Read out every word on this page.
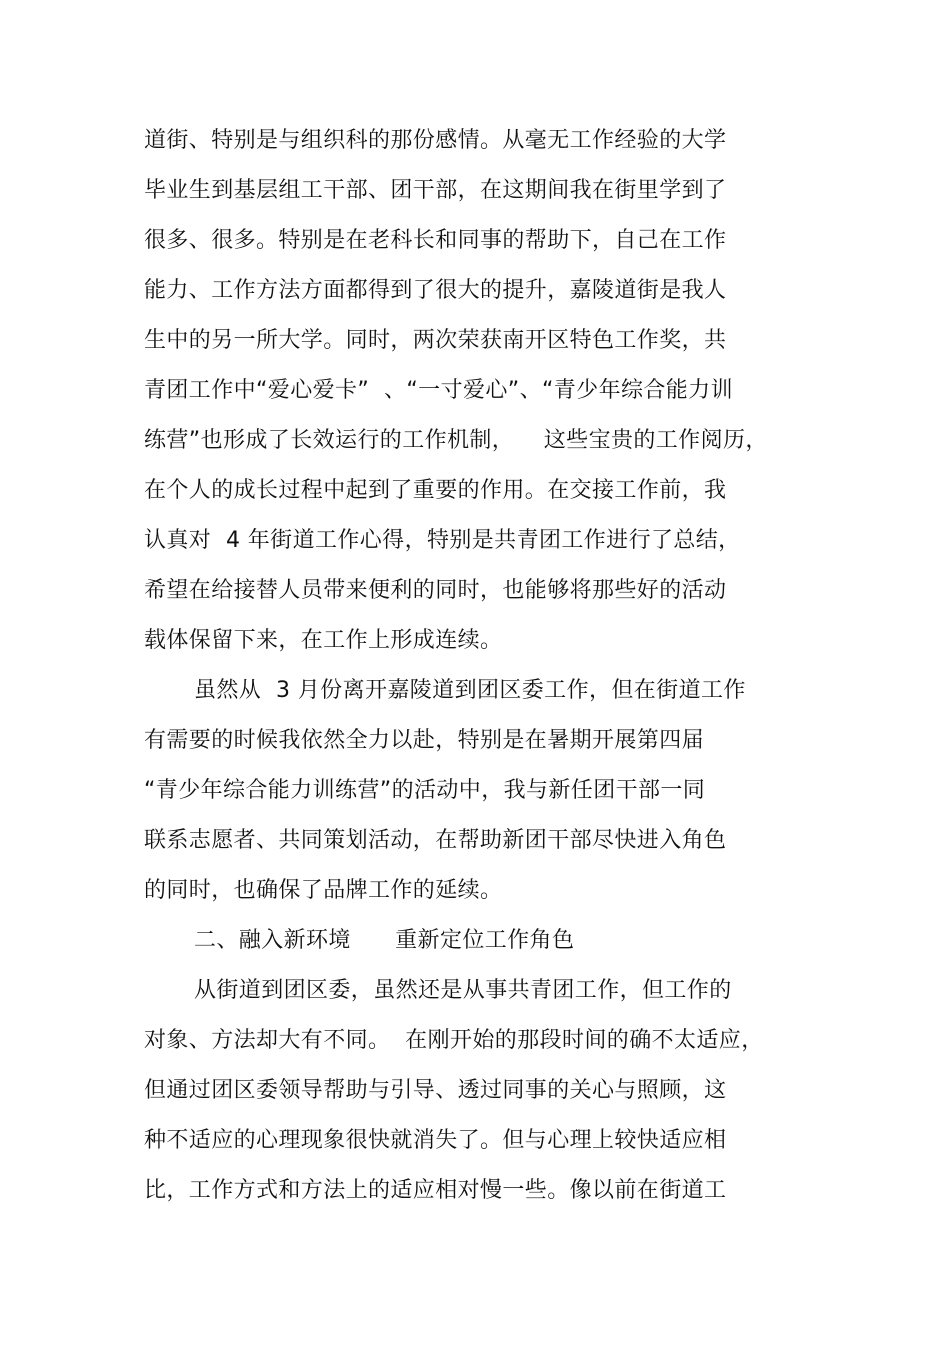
道街、特别是与组织科的那份感情。从毫无工作经验的大学
毕业生到基层组工干部、团干部，在这期间我在街里学到了
很多、很多。特别是在老科长和同事的帮助下，自己在工作
能力、工作方法方面都得到了很大的提升，嘉陵道街是我人
生中的另一所大学。同时，两次荣获南开区特色工作奖，共
青团工作中“爱心爱卡”  、“一寸爱心”、“青少年综合能力训
练营”也形成了长效运行的工作机制，    这些宝贵的工作阅历，
在个人的成长过程中起到了重要的作用。在交接工作前，我
认真对  4 年街道工作心得，特别是共青团工作进行了总结，
希望在给接替人员带来便利的同时，也能够将那些好的活动
载体保留下来，在工作上形成连续。
虽然从  3 月份离开嘉陵道到团区委工作，但在街道工作
有需要的时候我依然全力以赴，特别是在暑期开展第四届
“青少年综合能力训练营”的活动中，我与新任团干部一同
联系志愿者、共同策划活动，在帮助新团干部尽快进入角色
的同时，也确保了品牌工作的延续。
二、融入新环境      重新定位工作角色
从街道到团区委，虽然还是从事共青团工作，但工作的
对象、方法却大有不同。  在刚开始的那段时间的确不太适应，
但通过团区委领导帮助与引导、透过同事的关心与照顾，这
种不适应的心理现象很快就消失了。但与心理上较快适应相
比，工作方式和方法上的适应相对慢一些。像以前在街道工
